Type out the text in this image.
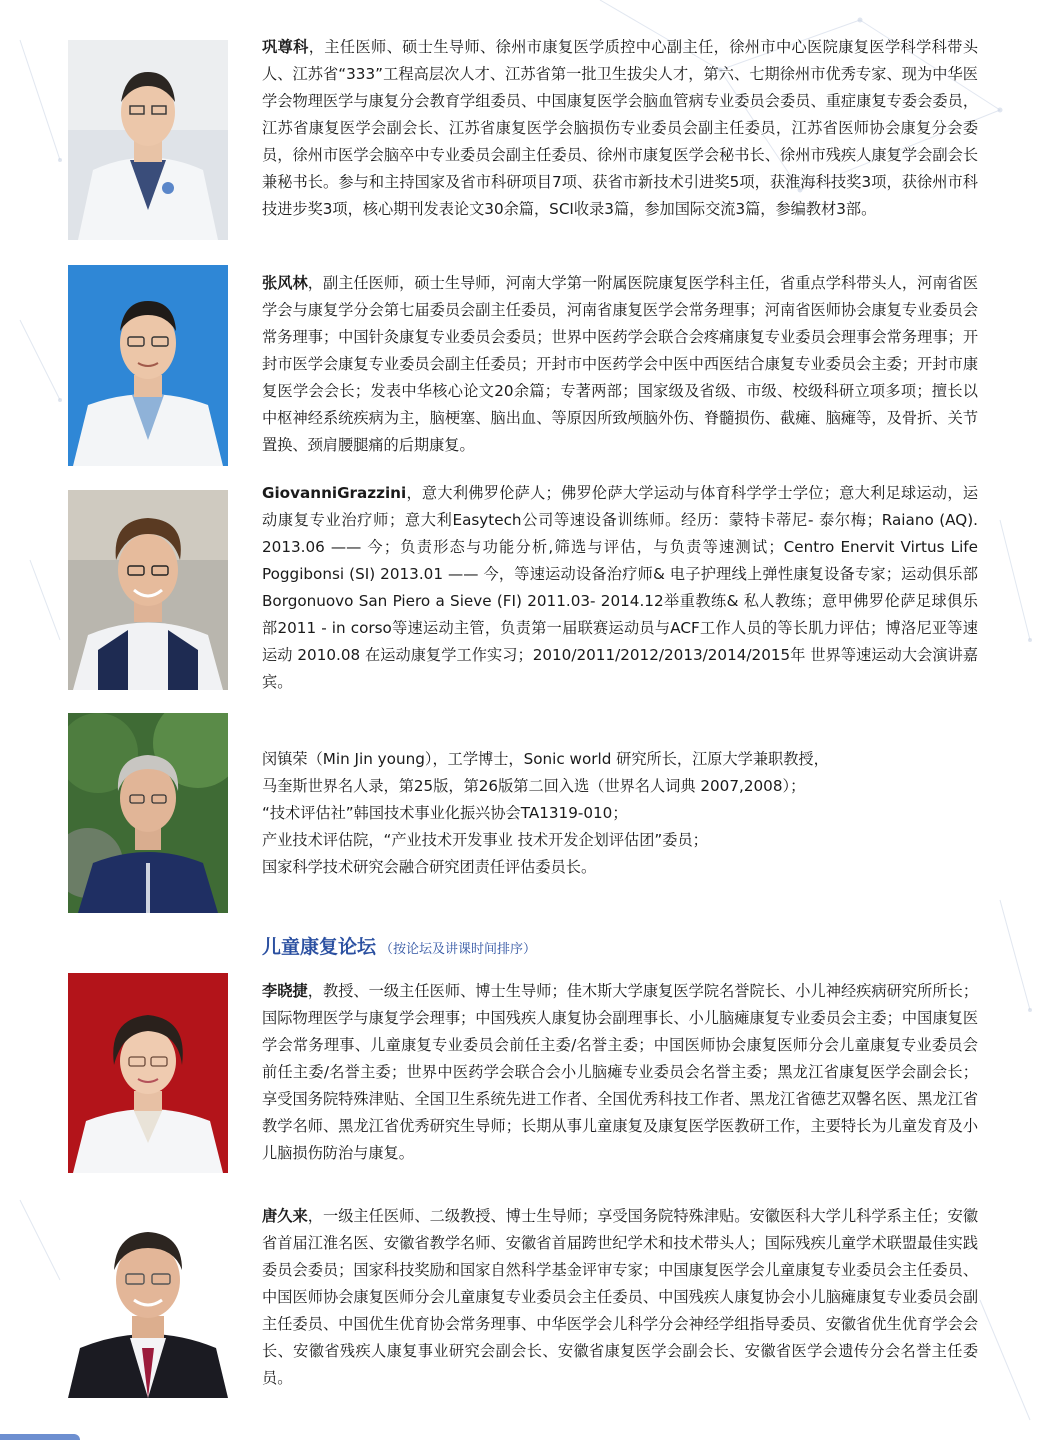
巩尊科，主任医师、硕士生导师、徐州市康复医学质控中心副主任，徐州市中心医院康复医学科学科带头人、江苏省“333”工程高层次人才、江苏省第一批卫生拔尖人才，第六、七期徐州市优秀专家、现为中华医学会物理医学与康复分会教育学组委员、中国康复医学会脑血管病专业委员会委员、重症康复专委会委员，江苏省康复医学会副会长、江苏省康复医学会脑损伤专业委员会副主任委员，江苏省医师协会康复分会委员，徐州市医学会脑卒中专业委员会副主任委员、徐州市康复医学会秘书长、徐州市残疾人康复学会副会长兼秘书长。参与和主持国家及省市科研项目7项、获省市新技术引进奖5项，获淮海科技奖3项，获徐州市科技进步奖3项，核心期刊发表论文30余篇，SCI收录3篇，参加国际交流3篇，参编教材3部。

张风林，副主任医师，硕士生导师，河南大学第一附属医院康复医学科主任，省重点学科带头人，河南省医学会与康复学分会第七届委员会副主任委员，河南省康复医学会常务理事；河南省医师协会康复专业委员会常务理事；中国针灸康复专业委员会委员；世界中医药学会联合会疼痛康复专业委员会理事会常务理事；开封市医学会康复专业委员会副主任委员；开封市中医药学会中医中西医结合康复专业委员会主委；开封市康复医学会会长；发表中华核心论文20余篇；专著两部；国家级及省级、市级、校级科研立项多项；擅长以中枢神经系统疾病为主，脑梗塞、脑出血、等原因所致颅脑外伤、脊髓损伤、截瘫、脑瘫等，及骨折、关节置换、颈肩腰腿痛的后期康复。

GiovanniGrazzini，意大利佛罗伦萨人；佛罗伦萨大学运动与体育科学学士学位；意大利足球运动，运动康复专业治疗师；意大利Easytech公司等速设备训练师。经历：蒙特卡蒂尼- 泰尔梅；Raiano (AQ). 2013.06 —— 今；负责形态与功能分析,筛选与评估，与负责等速测试；Centro Enervit Virtus Life Poggibonsi (SI) 2013.01 —— 今，等速运动设备治疗师& 电子护理线上弹性康复设备专家；运动俱乐部 Borgonuovo San Piero a Sieve (FI) 2011.03- 2014.12举重教练& 私人教练；意甲佛罗伦萨足球俱乐部2011 - in corso等速运动主管，负责第一届联赛运动员与ACF工作人员的等长肌力评估；博洛尼亚等速运动 2010.08 在运动康复学工作实习；2010/2011/2012/2013/2014/2015年 世界等速运动大会演讲嘉宾。

闵镇荣（Min Jin young），工学博士，Sonic world 研究所长，江原大学兼职教授，
马奎斯世界名人录，第25版，第26版第二回入选（世界名人词典 2007,2008）；
“技术评估社”韩国技术事业化振兴协会TA1319-010；
产业技术评估院，“产业技术开发事业 技术开发企划评估团”委员；
国家科学技术研究会融合研究团责任评估委员长。

儿童康复论坛 （按论坛及讲课时间排序）

李晓捷，教授、一级主任医师、博士生导师；佳木斯大学康复医学院名誉院长、小儿神经疾病研究所所长；国际物理医学与康复学会理事；中国残疾人康复协会副理事长、小儿脑瘫康复专业委员会主委；中国康复医学会常务理事、儿童康复专业委员会前任主委/名誉主委；中国医师协会康复医师分会儿童康复专业委员会前任主委/名誉主委；世界中医药学会联合会小儿脑瘫专业委员会名誉主委；黑龙江省康复医学会副会长；享受国务院特殊津贴、全国卫生系统先进工作者、全国优秀科技工作者、黑龙江省德艺双馨名医、黑龙江省教学名师、黑龙江省优秀研究生导师；长期从事儿童康复及康复医学医教研工作，主要特长为儿童发育及小儿脑损伤防治与康复。

唐久来，一级主任医师、二级教授、博士生导师；享受国务院特殊津贴。安徽医科大学儿科学系主任；安徽省首届江淮名医、安徽省教学名师、安徽省首届跨世纪学术和技术带头人；国际残疾儿童学术联盟最佳实践委员会委员；国家科技奖励和国家自然科学基金评审专家；中国康复医学会儿童康复专业委员会主任委员、中国医师协会康复医师分会儿童康复专业委员会主任委员、中国残疾人康复协会小儿脑瘫康复专业委员会副主任委员、中国优生优育协会常务理事、中华医学会儿科学分会神经学组指导委员、安徽省优生优育学会会长、安徽省残疾人康复事业研究会副会长、安徽省康复医学会副会长、安徽省医学会遗传分会名誉主任委员。
